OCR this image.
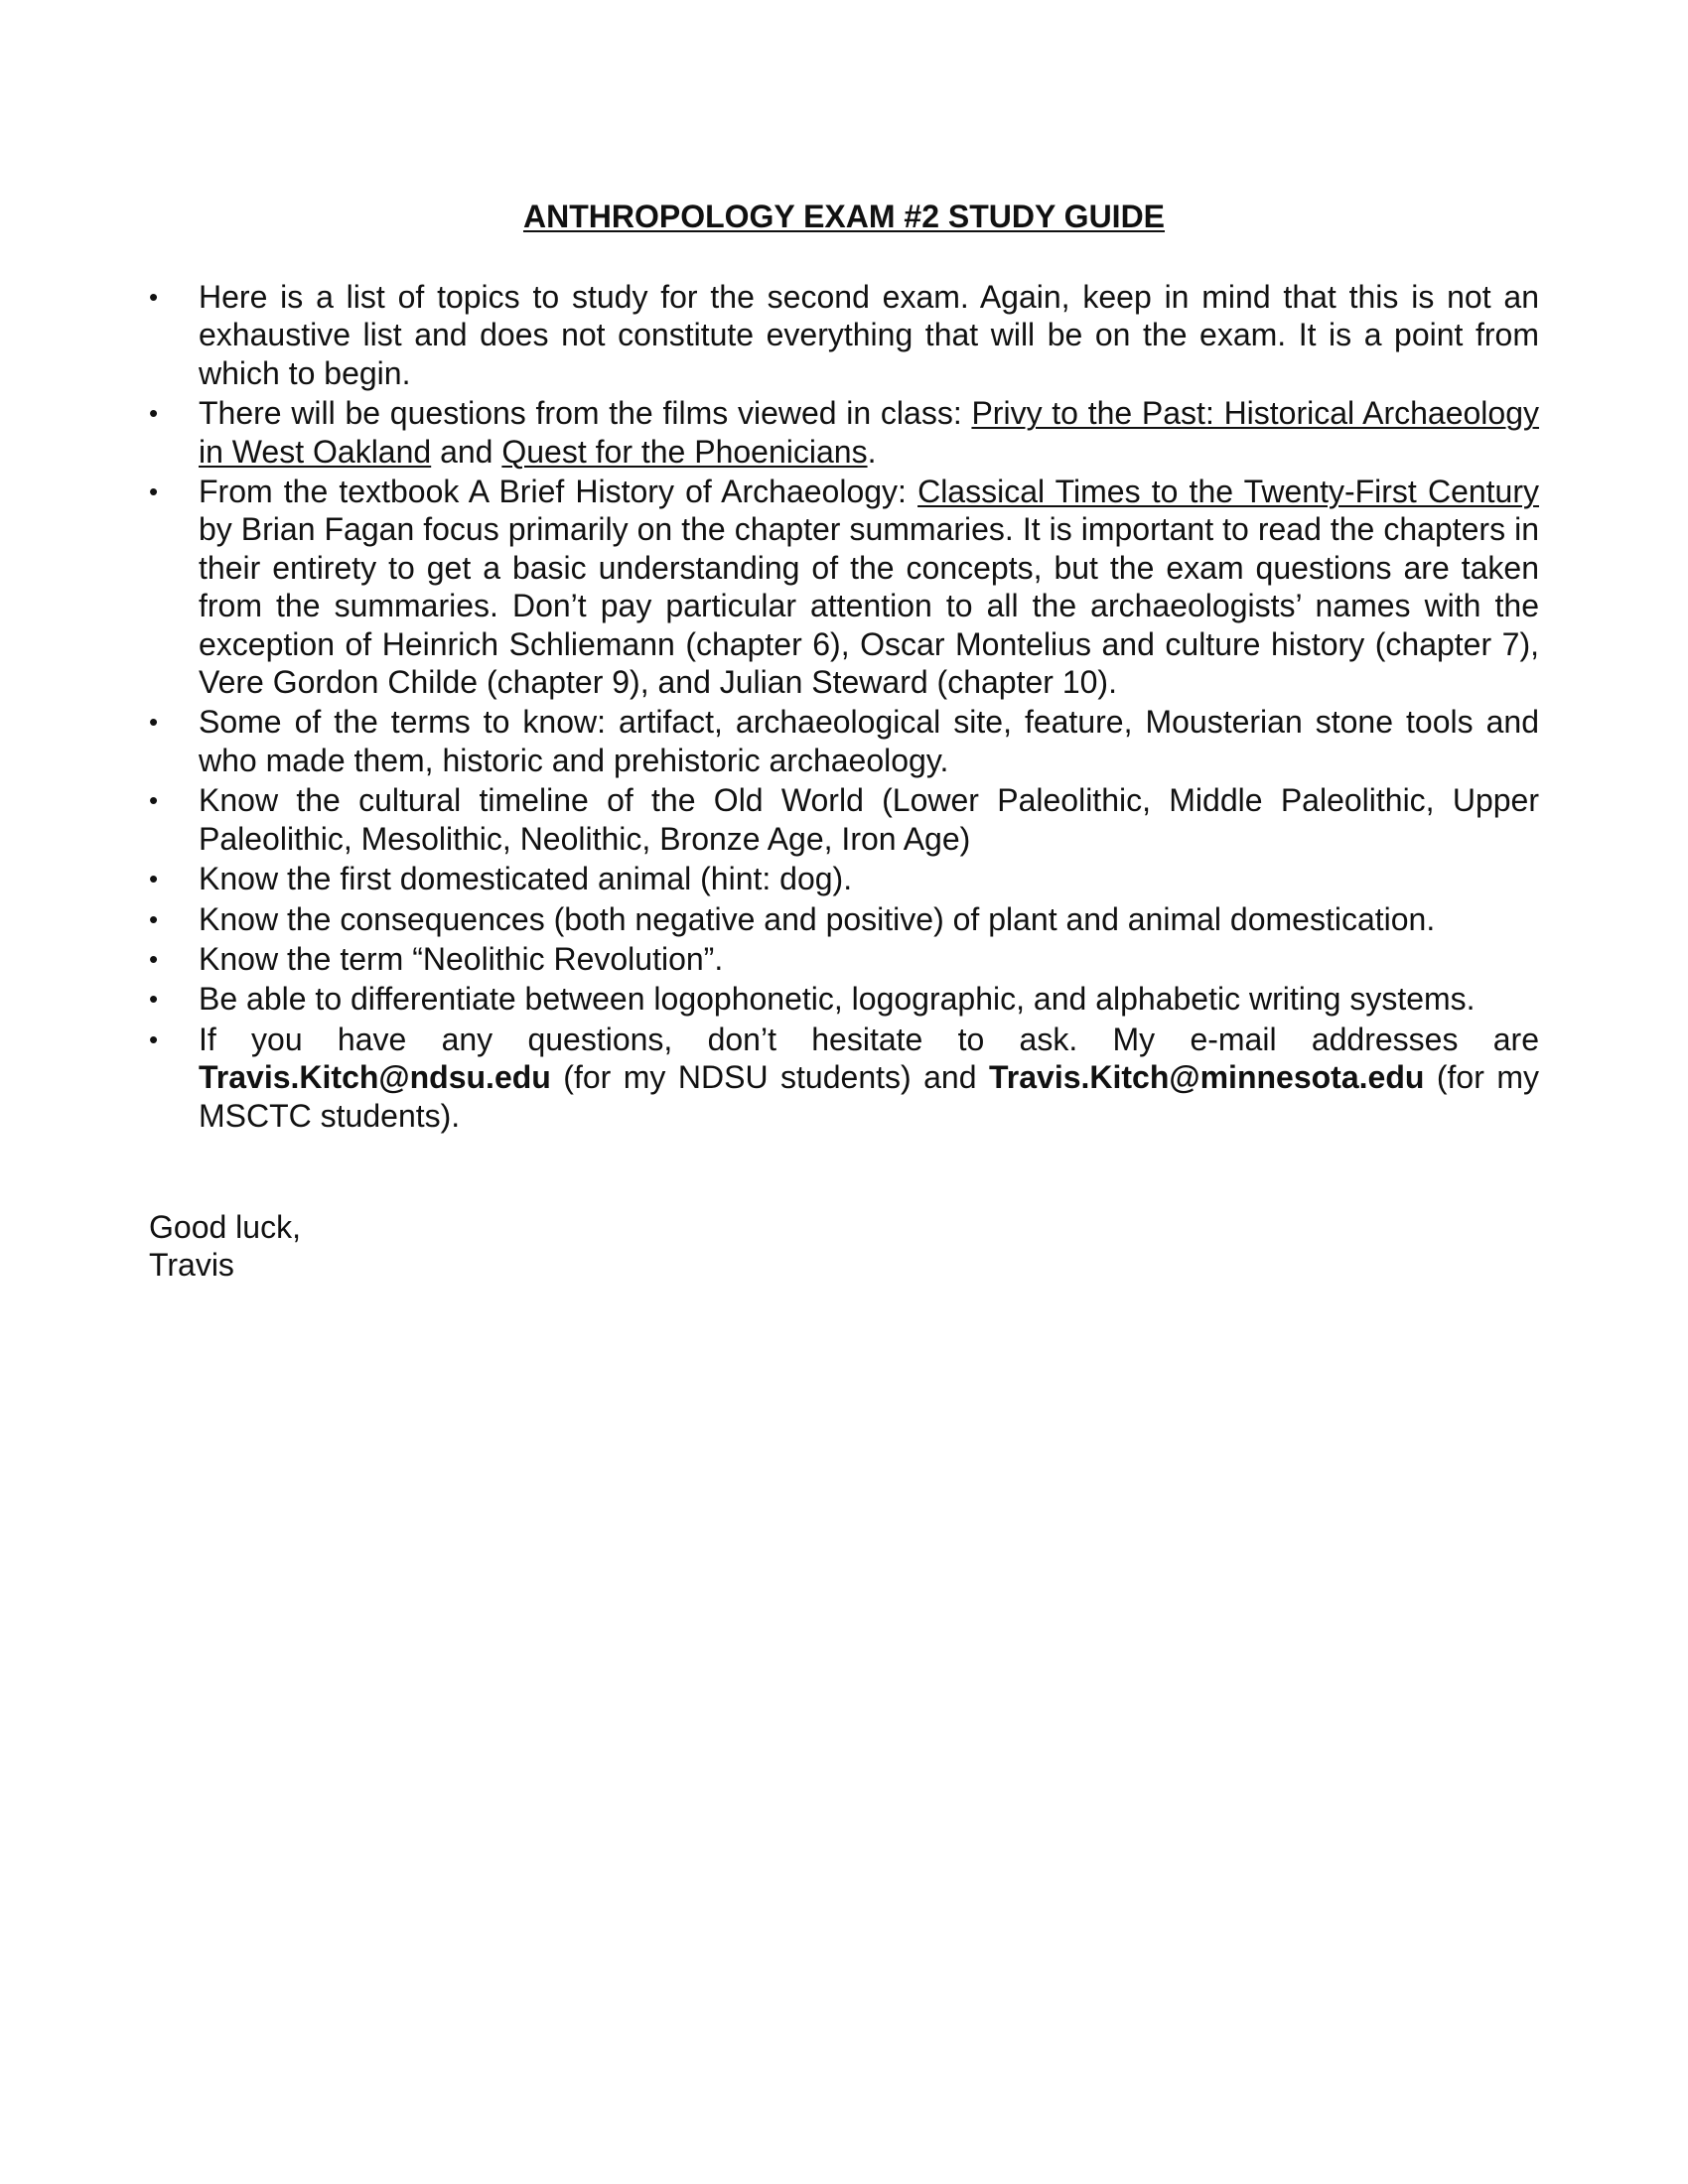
ANTHROPOLOGY EXAM #2 STUDY GUIDE
• Here is a list of topics to study for the second exam. Again, keep in mind that this is not an exhaustive list and does not constitute everything that will be on the exam. It is a point from which to begin.
• There will be questions from the films viewed in class: Privy to the Past: Historical Archaeology in West Oakland and Quest for the Phoenicians.
• From the textbook A Brief History of Archaeology: Classical Times to the Twenty-First Century by Brian Fagan focus primarily on the chapter summaries. It is important to read the chapters in their entirety to get a basic understanding of the concepts, but the exam questions are taken from the summaries. Don’t pay particular attention to all the archaeologists’ names with the exception of Heinrich Schliemann (chapter 6), Oscar Montelius and culture history (chapter 7), Vere Gordon Childe (chapter 9), and Julian Steward (chapter 10).
• Some of the terms to know: artifact, archaeological site, feature, Mousterian stone tools and who made them, historic and prehistoric archaeology.
• Know the cultural timeline of the Old World (Lower Paleolithic, Middle Paleolithic, Upper Paleolithic, Mesolithic, Neolithic, Bronze Age, Iron Age)
• Know the first domesticated animal (hint: dog).
• Know the consequences (both negative and positive) of plant and animal domestication.
• Know the term “Neolithic Revolution”.
• Be able to differentiate between logophonetic, logographic, and alphabetic writing systems.
• If you have any questions, don’t hesitate to ask. My e-mail addresses are Travis.Kitch@ndsu.edu (for my NDSU students) and Travis.Kitch@minnesota.edu (for my MSCTC students).
Good luck,
Travis
